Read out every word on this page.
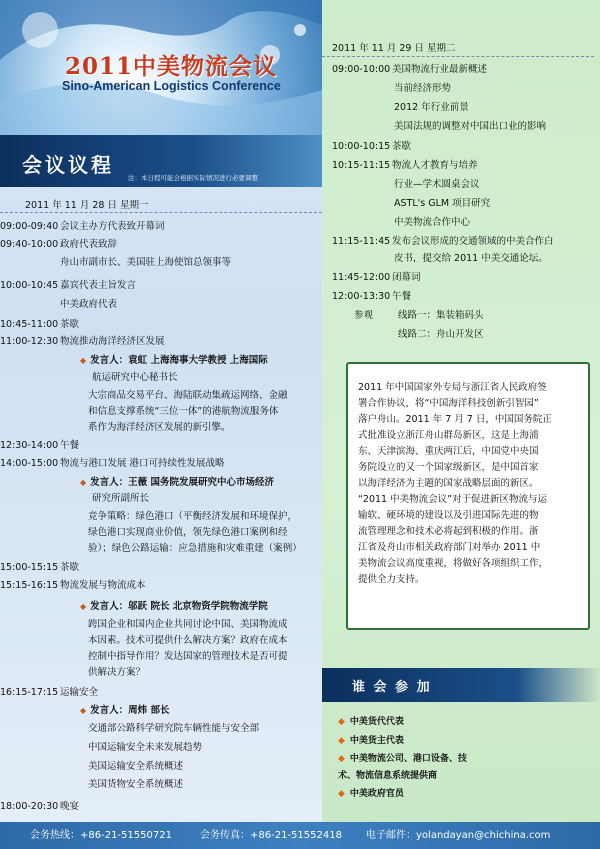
2011中美物流会议
Sino-American Logistics Conference
会议议程
注：本日程可能会根据实际情况进行必要调整
2011 年 11 月 28 日 星期一
09:00-09:40 会议主办方代表致开幕词
09:40-10:00 政府代表致辞
舟山市副市长、美国驻上海使馆总领事等
10:00-10:45 嘉宾代表主旨发言
中美政府代表
10:45-11:00 茶歇
11:00-12:30 物流推动海洋经济区发展
◆ 发言人：袁虹 上海海事大学教授 上海国际
航运研究中心秘书长
大宗商品交易平台、海陆联动集疏运网络、金融
和信息支撑系统“三位一体”的港航物流服务体
系作为海洋经济区发展的新引擎。
12:30-14:00 午餐
14:00-15:00 物流与港口发展 港口可持续性发展战略
◆ 发言人：王薇 国务院发展研究中心市场经济
研究所副所长
竞争策略：绿色港口（平衡经济发展和环境保护，
绿色港口实现商业价值，领先绿色港口案例和经
验）；绿色公路运输：应急措施和灾难重建（案例）
15:00-15:15 茶歇
15:15-16:15 物流发展与物流成本
◆ 发言人：邬跃 院长 北京物资学院物流学院
跨国企业和国内企业共同讨论中国、美国物流成
本因素。技术可提供什么解决方案？政府在成本
控制中指导作用？发达国家的管理技术是否可提
供解决方案？
16:15-17:15 运输安全
◆ 发言人：周炜 部长
交通部公路科学研究院车辆性能与安全部
中国运输安全未来发展趋势
美国运输安全系统概述
美国货物安全系统概述
18:00-20:30 晚宴
2011 年 11 月 29 日 星期二
09:00-10:00 美国物流行业最新概述
当前经济形势
2012 年行业前景
美国法规的调整对中国出口业的影响
10:00-10:15 茶歇
10:15-11:15 物流人才教育与培养
行业—学术圆桌会议
ASTL's GLM 项目研究
中美物流合作中心
11:15-11:45 发布会议形成的交通领域的中美合作白
皮书，提交给 2011 中美交通论坛。
11:45-12:00 闭幕词
12:00-13:30 午餐
参观	线路一：集装箱码头
线路二：舟山开发区

2011 年中国国家外专局与浙江省人民政府签

署合作协议，将“中国海洋科技创新引智园”

落户舟山。2011 年 7 月 7 日，中国国务院正

式批准设立浙江舟山群岛新区，这是上海浦

东、天津滨海、重庆两江后，中国党中央国

务院设立的又一个国家级新区，是中国首家

以海洋经济为主题的国家战略层面的新区。

“2011 中美物流会议”对于促进新区物流与运

输软、硬环境的建设以及引进国际先进的物

流管理理念和技术必将起到积极的作用。浙

江省及舟山市相关政府部门对举办 2011 中

美物流会议高度重视，将做好各项组织工作，

提供全力支持。

谁 会 参 加
◆ 中美货代代表
◆ 中美货主代表
◆ 中美物流公司、港口设备、技
术、物流信息系统提供商
◆ 中美政府官员
会务热线：+86-21-51550721	会务传真：+86-21-51552418 电子邮件：yolandayan@chichina.com
